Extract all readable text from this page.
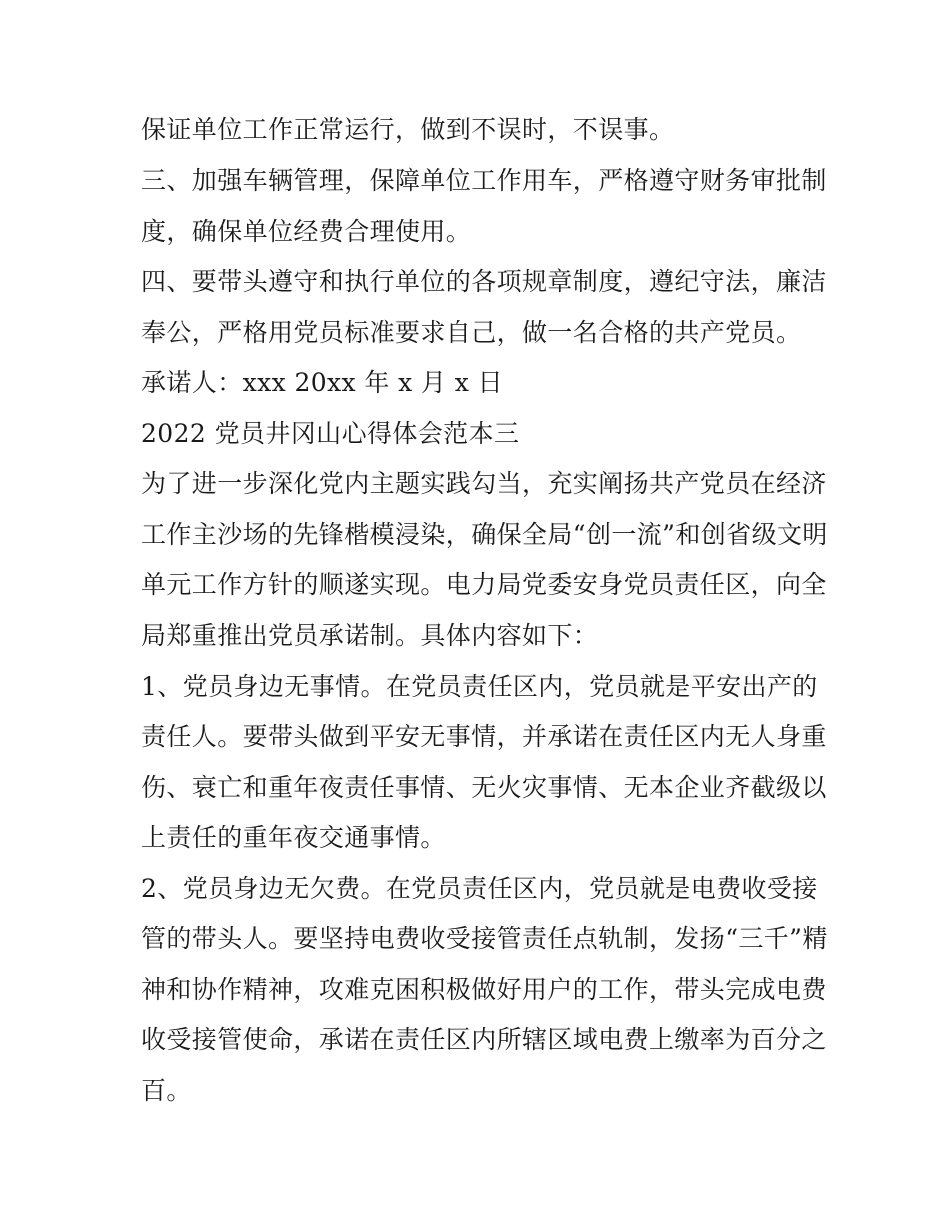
保证单位工作正常运行，做到不误时，不误事。
三、加强车辆管理，保障单位工作用车，严格遵守财务审批制
度，确保单位经费合理使用。
四、要带头遵守和执行单位的各项规章制度，遵纪守法，廉洁
奉公，严格用党员标准要求自己，做一名合格的共产党员。
承诺人：xxx 20xx 年 x 月 x 日
2022 党员井冈山心得体会范本三
为了进一步深化党内主题实践勾当，充实阐扬共产党员在经济
工作主沙场的先锋楷模浸染，确保全局“创一流”和创省级文明
单元工作方针的顺遂实现。电力局党委安身党员责任区，向全
局郑重推出党员承诺制。具体内容如下：
1、党员身边无事情。在党员责任区内，党员就是平安出产的
责任人。要带头做到平安无事情，并承诺在责任区内无人身重
伤、衰亡和重年夜责任事情、无火灾事情、无本企业齐截级以
上责任的重年夜交通事情。
2、党员身边无欠费。在党员责任区内，党员就是电费收受接
管的带头人。要坚持电费收受接管责任点轨制，发扬“三千”精
神和协作精神，攻难克困积极做好用户的工作，带头完成电费
收受接管使命，承诺在责任区内所辖区域电费上缴率为百分之
百。
